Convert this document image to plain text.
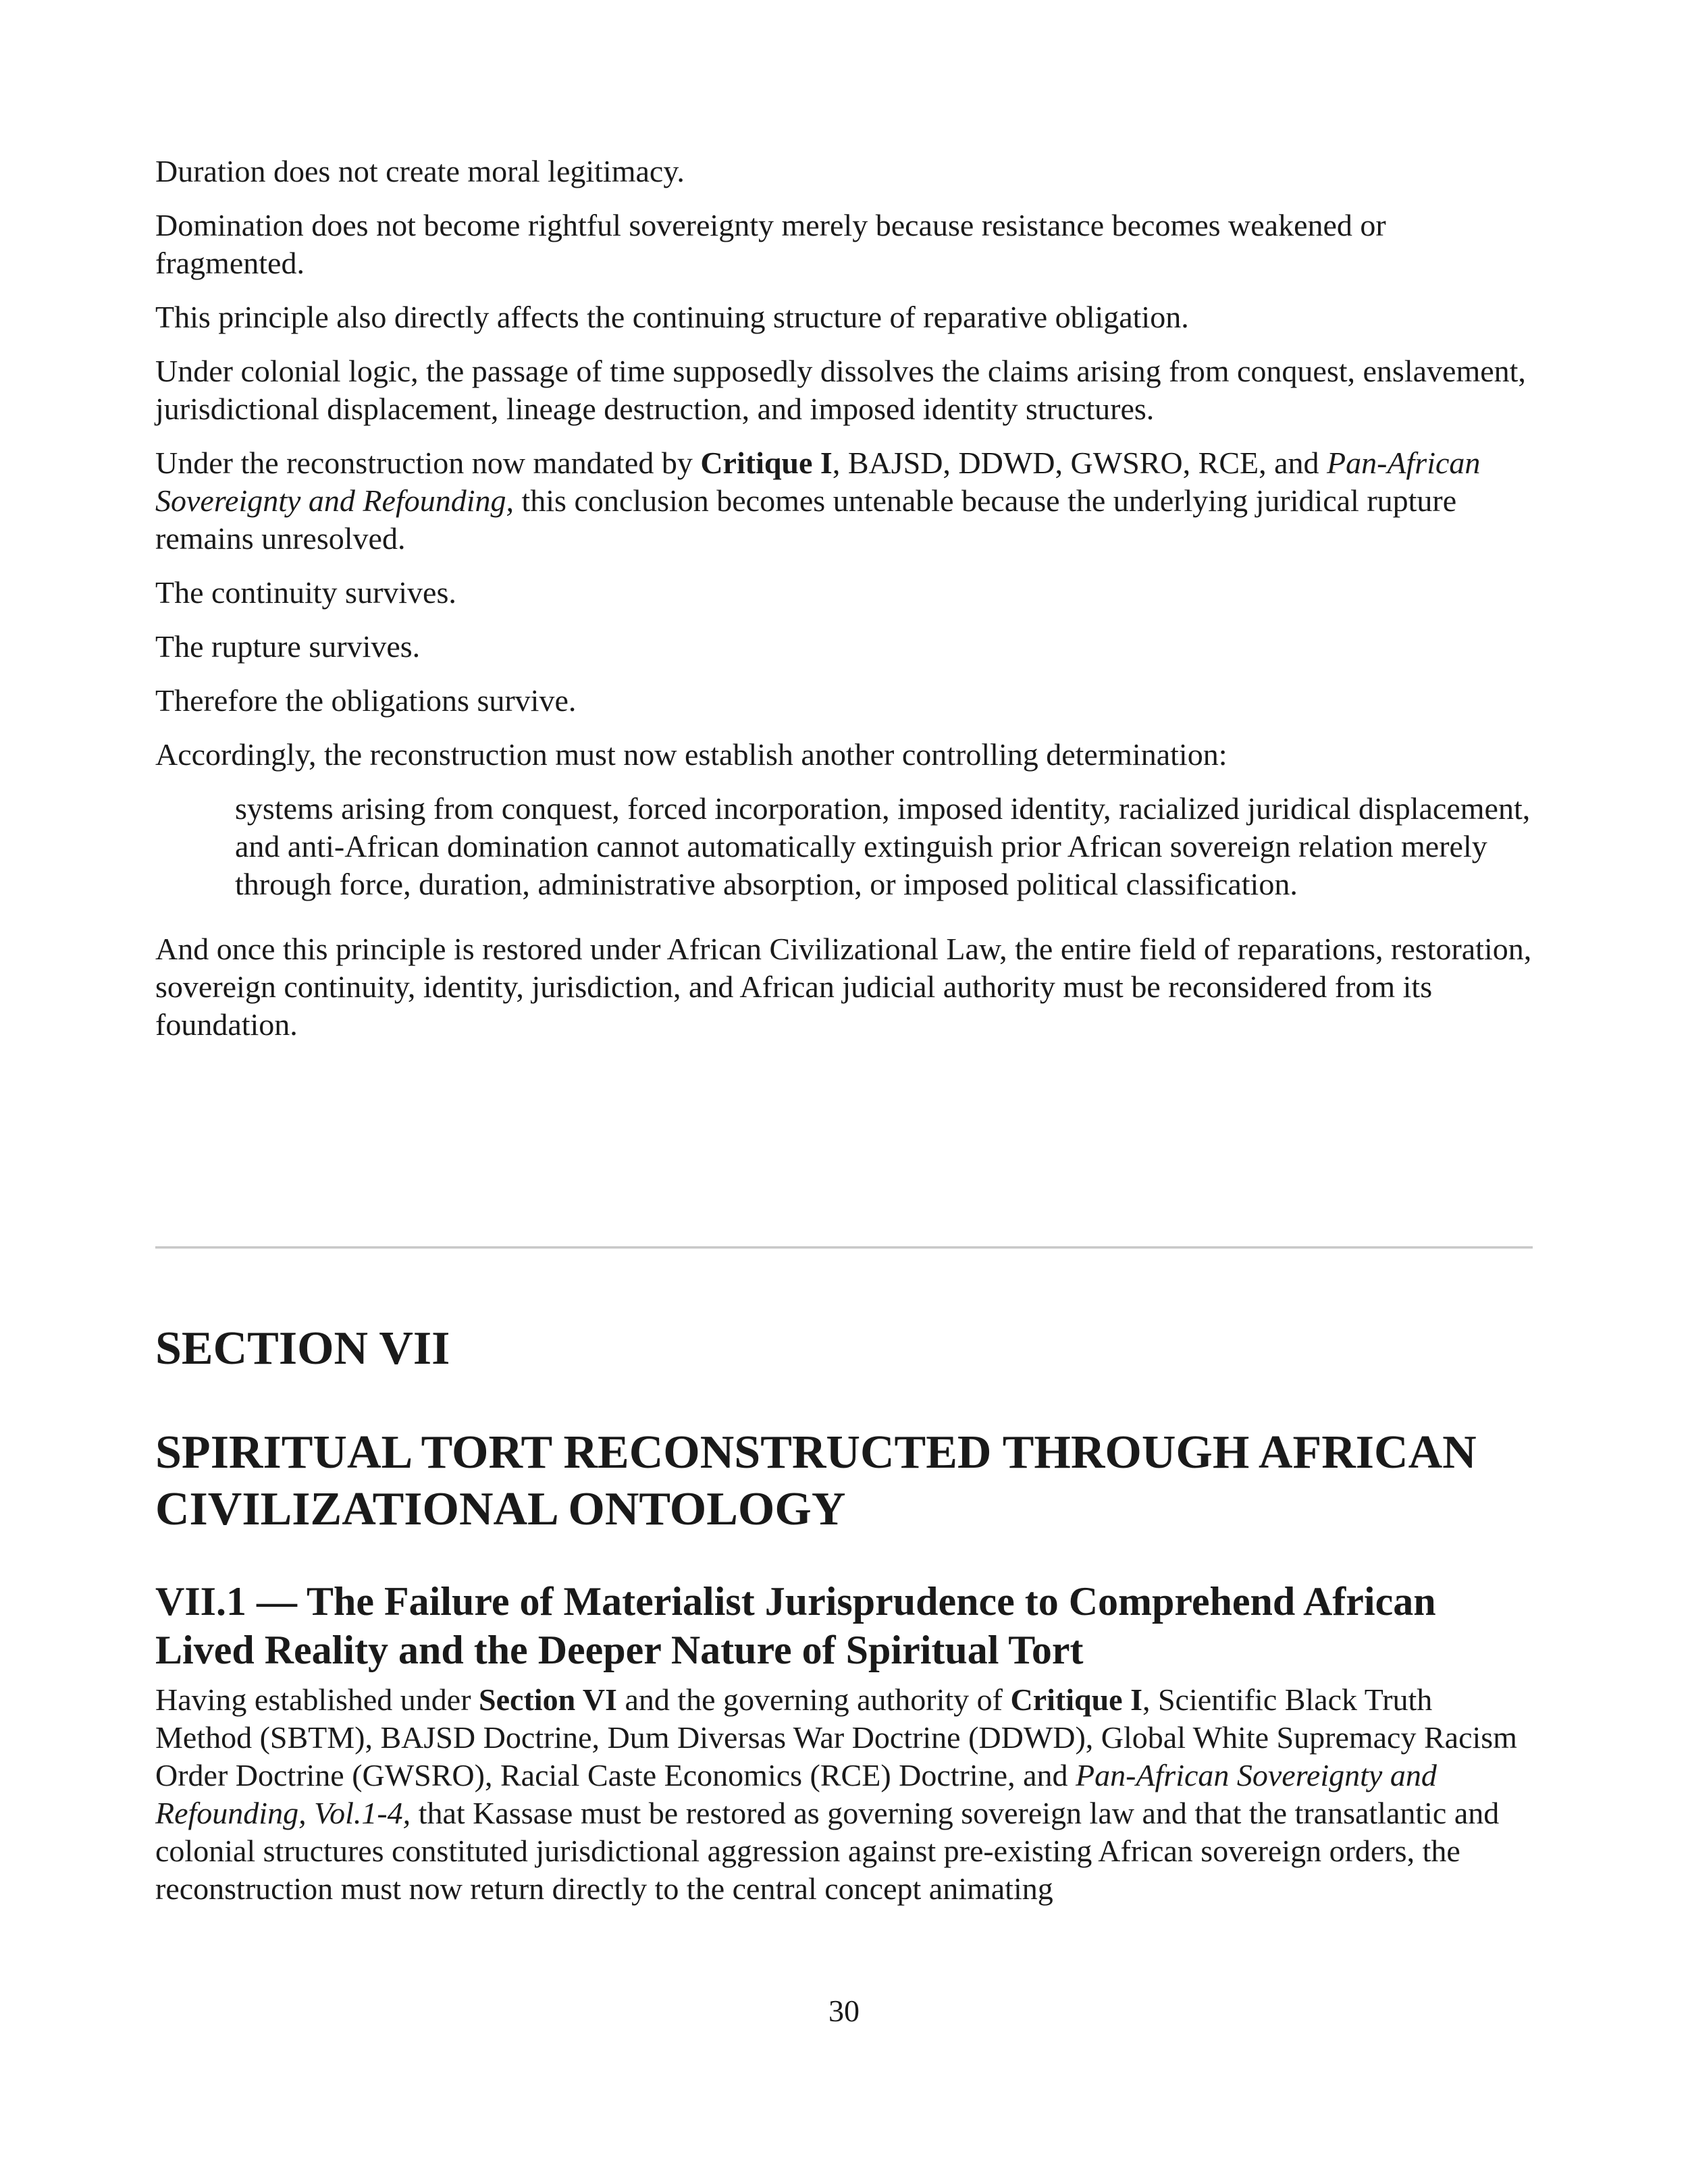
Duration does not create moral legitimacy.

Domination does not become rightful sovereignty merely because resistance becomes weakened or fragmented.

This principle also directly affects the continuing structure of reparative obligation.

Under colonial logic, the passage of time supposedly dissolves the claims arising from conquest, enslavement, jurisdictional displacement, lineage destruction, and imposed identity structures.

Under the reconstruction now mandated by Critique I, BAJSD, DDWD, GWSRO, RCE, and Pan-African Sovereignty and Refounding, this conclusion becomes untenable because the underlying juridical rupture remains unresolved.

The continuity survives.

The rupture survives.

Therefore the obligations survive.

Accordingly, the reconstruction must now establish another controlling determination:

systems arising from conquest, forced incorporation, imposed identity, racialized juridical displacement, and anti-African domination cannot automatically extinguish prior African sovereign relation merely through force, duration, administrative absorption, or imposed political classification.

And once this principle is restored under African Civilizational Law, the entire field of reparations, restoration, sovereign continuity, identity, jurisdiction, and African judicial authority must be reconsidered from its foundation.

SECTION VII
SPIRITUAL TORT RECONSTRUCTED THROUGH AFRICAN CIVILIZATIONAL ONTOLOGY
VII.1 — The Failure of Materialist Jurisprudence to Comprehend African Lived Reality and the Deeper Nature of Spiritual Tort

Having established under Section VI and the governing authority of Critique I, Scientific Black Truth Method (SBTM), BAJSD Doctrine, Dum Diversas War Doctrine (DDWD), Global White Supremacy Racism Order Doctrine (GWSRO), Racial Caste Economics (RCE) Doctrine, and Pan-African Sovereignty and Refounding, Vol.1-4, that Kassase must be restored as governing sovereign law and that the transatlantic and colonial structures constituted jurisdictional aggression against pre-existing African sovereign orders, the reconstruction must now return directly to the central concept animating

30
